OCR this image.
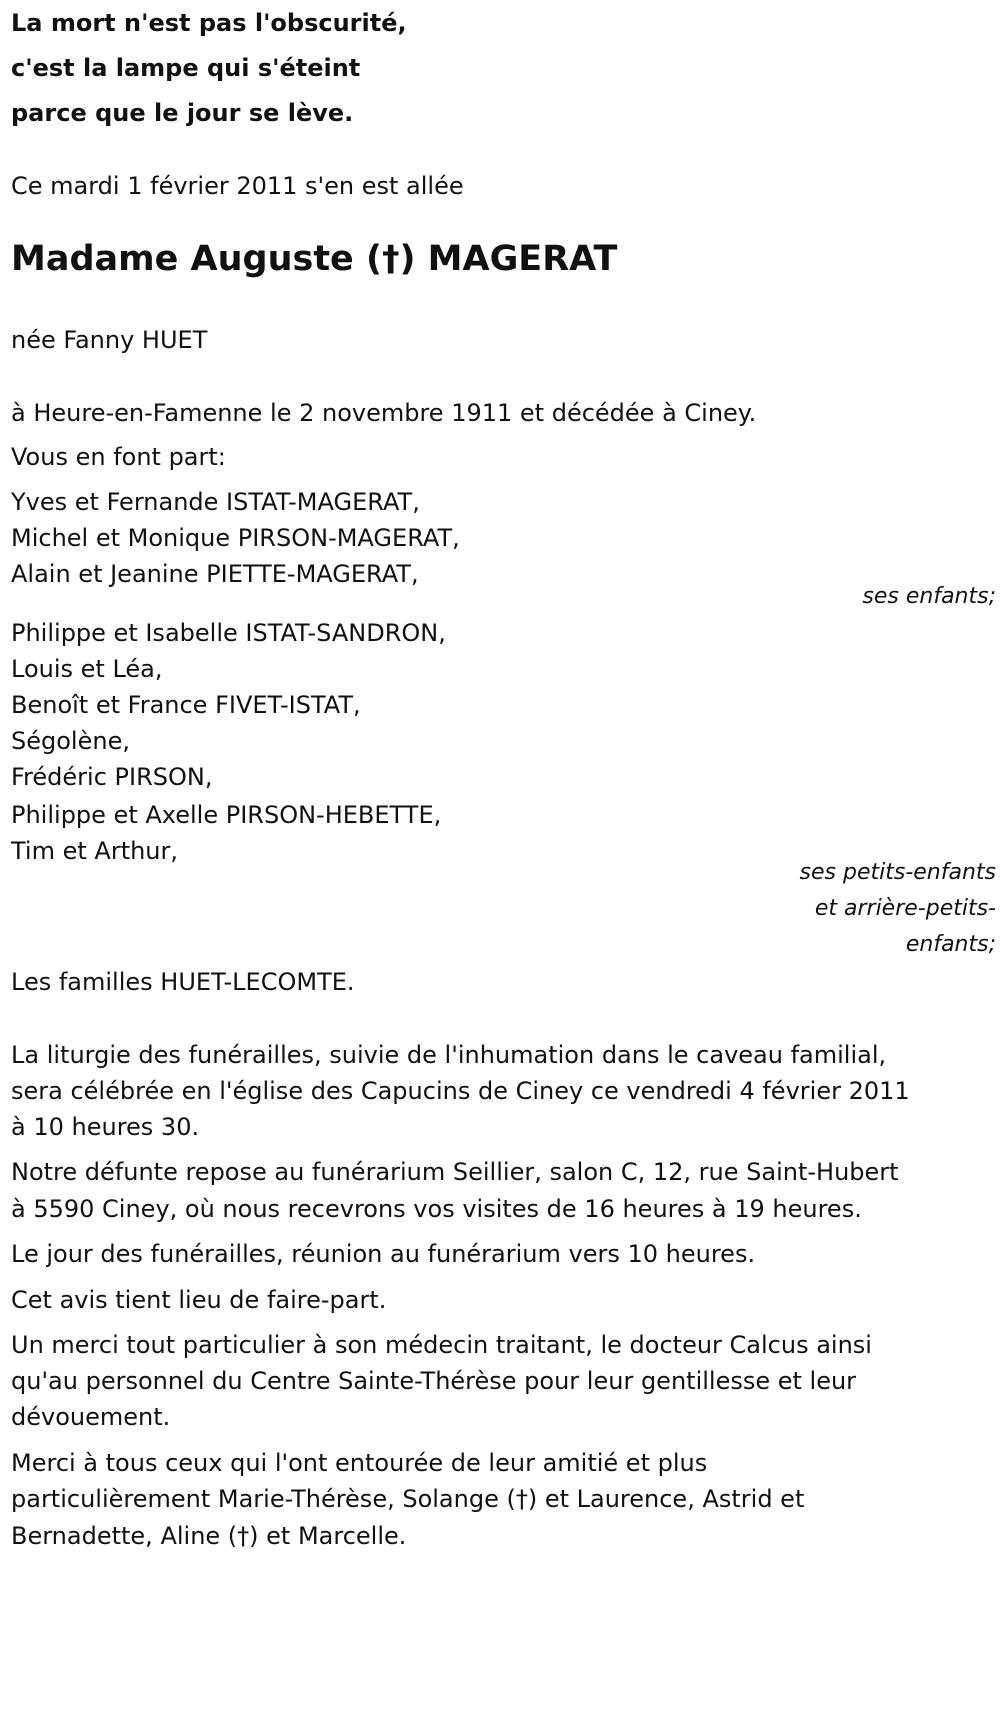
La mort n'est pas l'obscurité,
c'est la lampe qui s'éteint
parce que le jour se lève.
Ce mardi 1 février 2011 s'en est allée
Madame Auguste (†) MAGERAT
née Fanny HUET
à Heure-en-Famenne le 2 novembre 1911 et décédée à Ciney.
Vous en font part:
Yves et Fernande ISTAT-MAGERAT,
Michel et Monique PIRSON-MAGERAT,
Alain et Jeanine PIETTE-MAGERAT,
ses enfants;
Philippe et Isabelle ISTAT-SANDRON,
Louis et Léa,
Benoît et France FIVET-ISTAT,
Ségolène,
Frédéric PIRSON,
Philippe et Axelle PIRSON-HEBETTE,
Tim et Arthur,
ses petits-enfants
et arrière-petits-
enfants;
Les familles HUET-LECOMTE.
La liturgie des funérailles, suivie de l'inhumation dans le caveau familial,
sera célébrée en l'église des Capucins de Ciney ce vendredi 4 février 2011
à 10 heures 30.
Notre défunte repose au funérarium Seillier, salon C, 12, rue Saint-Hubert
à 5590 Ciney, où nous recevrons vos visites de 16 heures à 19 heures.
Le jour des funérailles, réunion au funérarium vers 10 heures.
Cet avis tient lieu de faire-part.
Un merci tout particulier à son médecin traitant, le docteur Calcus ainsi
qu'au personnel du Centre Sainte-Thérèse pour leur gentillesse et leur
dévouement.
Merci à tous ceux qui l'ont entourée de leur amitié et plus
particulièrement Marie-Thérèse, Solange (†) et Laurence, Astrid et
Bernadette, Aline (†) et Marcelle.
